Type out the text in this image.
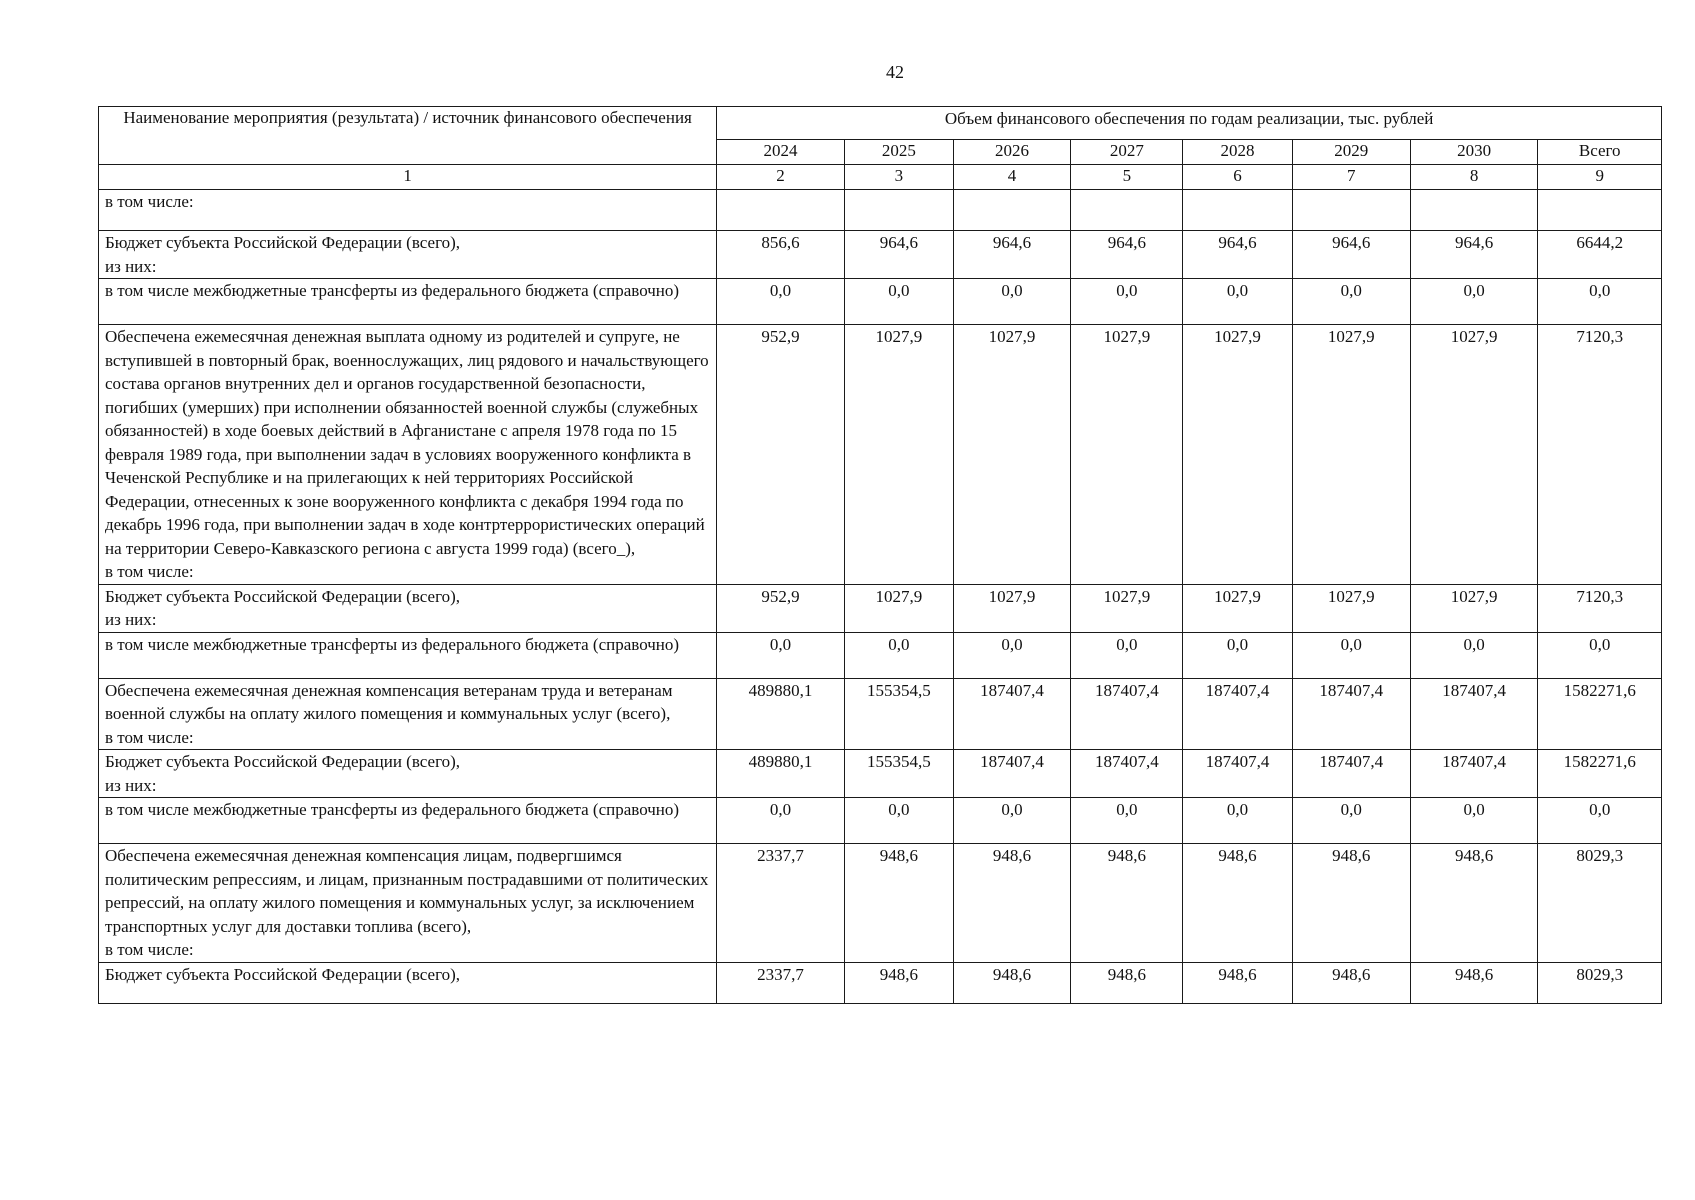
42
Наименование мероприятия (результата) / источник финансового обеспечения	Объем финансового обеспечения по годам реализации, тыс. рублей							
	2024	2025	2026	2027	2028	2029	2030	Всего
1	2	3	4	5	6	7	8	9
в том числе:								
Бюджет субъекта Российской Федерации (всего),
из них:	856,6	964,6	964,6	964,6	964,6	964,6	964,6	6644,2
в том числе межбюджетные трансферты из федерального бюджета (справочно)	0,0	0,0	0,0	0,0	0,0	0,0	0,0	0,0
Обеспечена ежемесячная денежная выплата одному из родителей и супруге, не вступившей в повторный брак, военнослужащих, лиц рядового и начальствующего состава органов внутренних дел и органов государственной безопасности, погибших (умерших) при исполнении обязанностей военной службы (служебных обязанностей) в ходе боевых действий в Афганистане с апреля 1978 года по 15 февраля 1989 года, при выполнении задач в условиях вооруженного конфликта в Чеченской Республике и на прилегающих к ней территориях Российской Федерации, отнесенных к зоне вооруженного конфликта с декабря 1994 года по декабрь 1996 года, при выполнении задач в ходе контртеррористических операций на территории Северо-Кавказского региона с августа 1999 года) (всего_),
в том числе:	952,9	1027,9	1027,9	1027,9	1027,9	1027,9	1027,9	7120,3
Бюджет субъекта Российской Федерации (всего),
из них:	952,9	1027,9	1027,9	1027,9	1027,9	1027,9	1027,9	7120,3
в том числе межбюджетные трансферты из федерального бюджета (справочно)	0,0	0,0	0,0	0,0	0,0	0,0	0,0	0,0
Обеспечена ежемесячная денежная компенсация ветеранам труда и ветеранам военной службы на оплату жилого помещения и коммунальных услуг (всего),
в том числе:	489880,1	155354,5	187407,4	187407,4	187407,4	187407,4	187407,4	1582271,6
Бюджет субъекта Российской Федерации (всего),
из них:	489880,1	155354,5	187407,4	187407,4	187407,4	187407,4	187407,4	1582271,6
в том числе межбюджетные трансферты из федерального бюджета (справочно)	0,0	0,0	0,0	0,0	0,0	0,0	0,0	0,0
Обеспечена ежемесячная денежная компенсация лицам, подвергшимся политическим репрессиям, и лицам, признанным пострадавшими от политических репрессий, на оплату жилого помещения и коммунальных услуг, за исключением транспортных услуг для доставки топлива (всего),
в том числе:	2337,7	948,6	948,6	948,6	948,6	948,6	948,6	8029,3
Бюджет субъекта Российской Федерации (всего),	2337,7	948,6	948,6	948,6	948,6	948,6	948,6	8029,3
